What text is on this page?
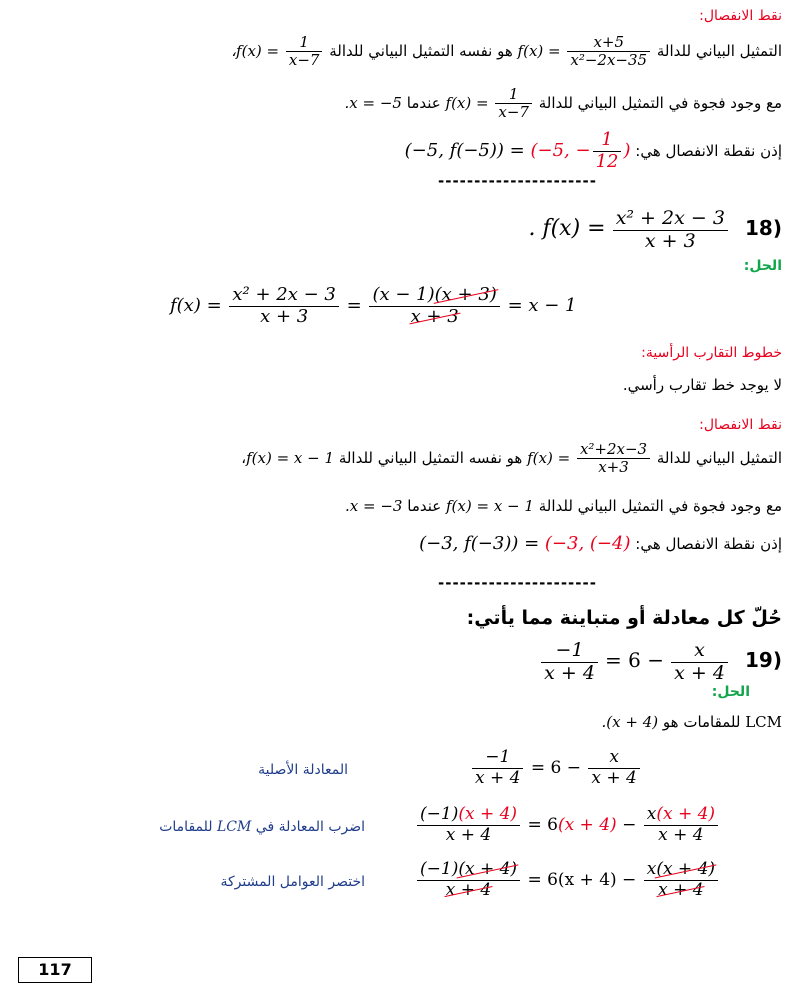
نقط الانفصال:
التمثيل البياني للدالة $f(x) = \frac{x+5}{\text{x²−2x−35}}$
هو نفسه التمثيل البياني للدالة ،f(x) = $\frac{1}{x-7}$
مع وجود فجوة في التمثيل البياني للدالة $f(x) = \frac{1}{x-7}$
عندما .x = −5
إذن نقطة الانفصال هي: (−5, f(−5)) = (−5, − $\frac{1}{12}$ )
----------------------
. $f(x) = \frac{\text{x² + 2x − 3}}{x + 3} 18$)
الحل:
$f(x) = \frac{\text{x² + 2x − 3}}{x + 3} = \frac{(x - 1)(x + 3)}{x + 3} = x - 1$
خطوط التقارب الرأسية:
لا يوجد خط تقارب رأسي.
نقط الانفصال:
التمثيل البياني للدالة $f(x) = \frac{\text{x²+2x−3}}{x+3}$
هو نفسه التمثيل البياني للدالة f(x) = x − 1،
مع وجود فجوة في التمثيل البياني للدالة f(x) = x − 1 عندما .x = −3
إذن نقطة الانفصال هي: (−3, f(−3)) = (−3, (−4)
----------------------
حُلّ كل معادلة أو متباينة مما يأتي:
$\frac{-1}{x + 4} = 6 - \frac{x}{x + 4} 19$)
الحل:
LCM للمقامات هو .(x + 4)
$\frac{-1}{x + 4} = 6 - \frac{x}{x + 4}$
المعادلة الأصلية
$\frac{(-1)(x + 4)}{x + 4} = 6(x + 4) - \frac{x(x + 4)}{x + 4}$
اضرب المعادلة في LCM للمقامات
$\frac{(-1)(x + 4)}{x + 4} = 6(x + 4) - \frac{x(x + 4)}{x + 4}$
اختصر العوامل المشتركة
117
